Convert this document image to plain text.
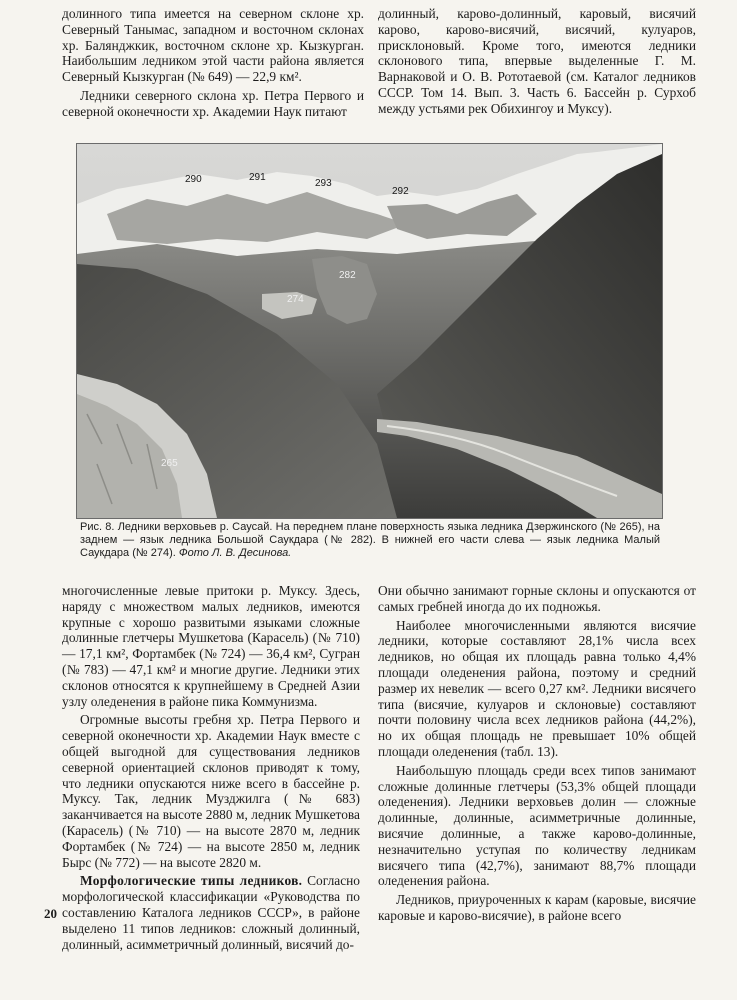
долинного типа имеется на северном склоне хр. Северный Танымас, западном и восточном склонах хр. Балянджкик, восточном склоне хр. Кызкурган. Наибольшим ледником этой части района является Северный Кызкурган (№ 649) — 22,9 км².

Ледники северного склона хр. Петра Первого и северной оконечности хр. Академии Наук питают

долинный, карово-долинный, каровый, висячий карово, карово-висячий, висячий, кулуаров, присклоновый. Кроме того, имеются ледники склонового типа, впервые выделенные Г. М. Варнаковой и О. В. Рототаевой (см. Каталог ледников СССР. Том 14. Вып. 3. Часть 6. Бассейн р. Сурхоб между устьями рек Обихингоу и Муксу).

290	291
293
292
282
274
265
Рис. 8. Ледники верховьев р. Саусай. На переднем плане поверхность языка ледника Дзержинского (№ 265), на заднем — язык ледника Большой Саукдара (№ 282). В нижней его части слева — язык ледника Малый Саукдара (№ 274). Фото Л. В. Десинова.

многочисленные левые притоки р. Муксу. Здесь, наряду с множеством малых ледников, имеются крупные с хорошо развитыми языками сложные долинные глетчеры Мушкетова (Карасель) (№ 710) — 17,1 км², Фортамбек (№ 724) — 36,4 км², Сугран (№ 783) — 47,1 км² и многие другие. Ледники этих склонов относятся к крупнейшему в Средней Азии узлу оледенения в районе пика Коммунизма.

Огромные высоты гребня хр. Петра Первого и северной оконечности хр. Академии Наук вместе с общей выгодной для существования ледников северной ориентацией склонов приводят к тому, что ледники опускаются ниже всего в бассейне р. Муксу. Так, ледник Музджилга (№ 683) заканчивается на высоте 2880 м, ледник Мушкетова (Карасель) (№ 710) — на высоте 2870 м, ледник Фортамбек (№ 724) — на высоте 2850 м, ледник Бырс (№ 772) — на высоте 2820 м.

Морфологические типы ледников. Согласно морфологической классификации «Руководства по составлению Каталога ледников СССР», в районе выделено 11 типов ледников: сложный долинный, долинный, асимметричный долинный, висячий до-

Они обычно занимают горные склоны и опускаются от самых гребней иногда до их подножья.

Наиболее многочисленными являются висячие ледники, которые составляют 28,1% числа всех ледников, но общая их площадь равна только 4,4% площади оледенения района, поэтому и средний размер их невелик — всего 0,27 км². Ледники висячего типа (висячие, кулуаров и склоновые) составляют почти половину числа всех ледников района (44,2%), но их общая площадь не превышает 10% общей площади оледенения (табл. 13).

Наибольшую площадь среди всех типов занимают сложные долинные глетчеры (53,3% общей площади оледенения). Ледники верховьев долин — сложные долинные, долинные, асимметричные долинные, висячие долинные, а также карово-долинные, незначительно уступая по количеству ледникам висячего типа (42,7%), занимают 88,7% площади оледенения района.

Ледников, приуроченных к карам (каровые, висячие каровые и карово-висячие), в районе всего

20
